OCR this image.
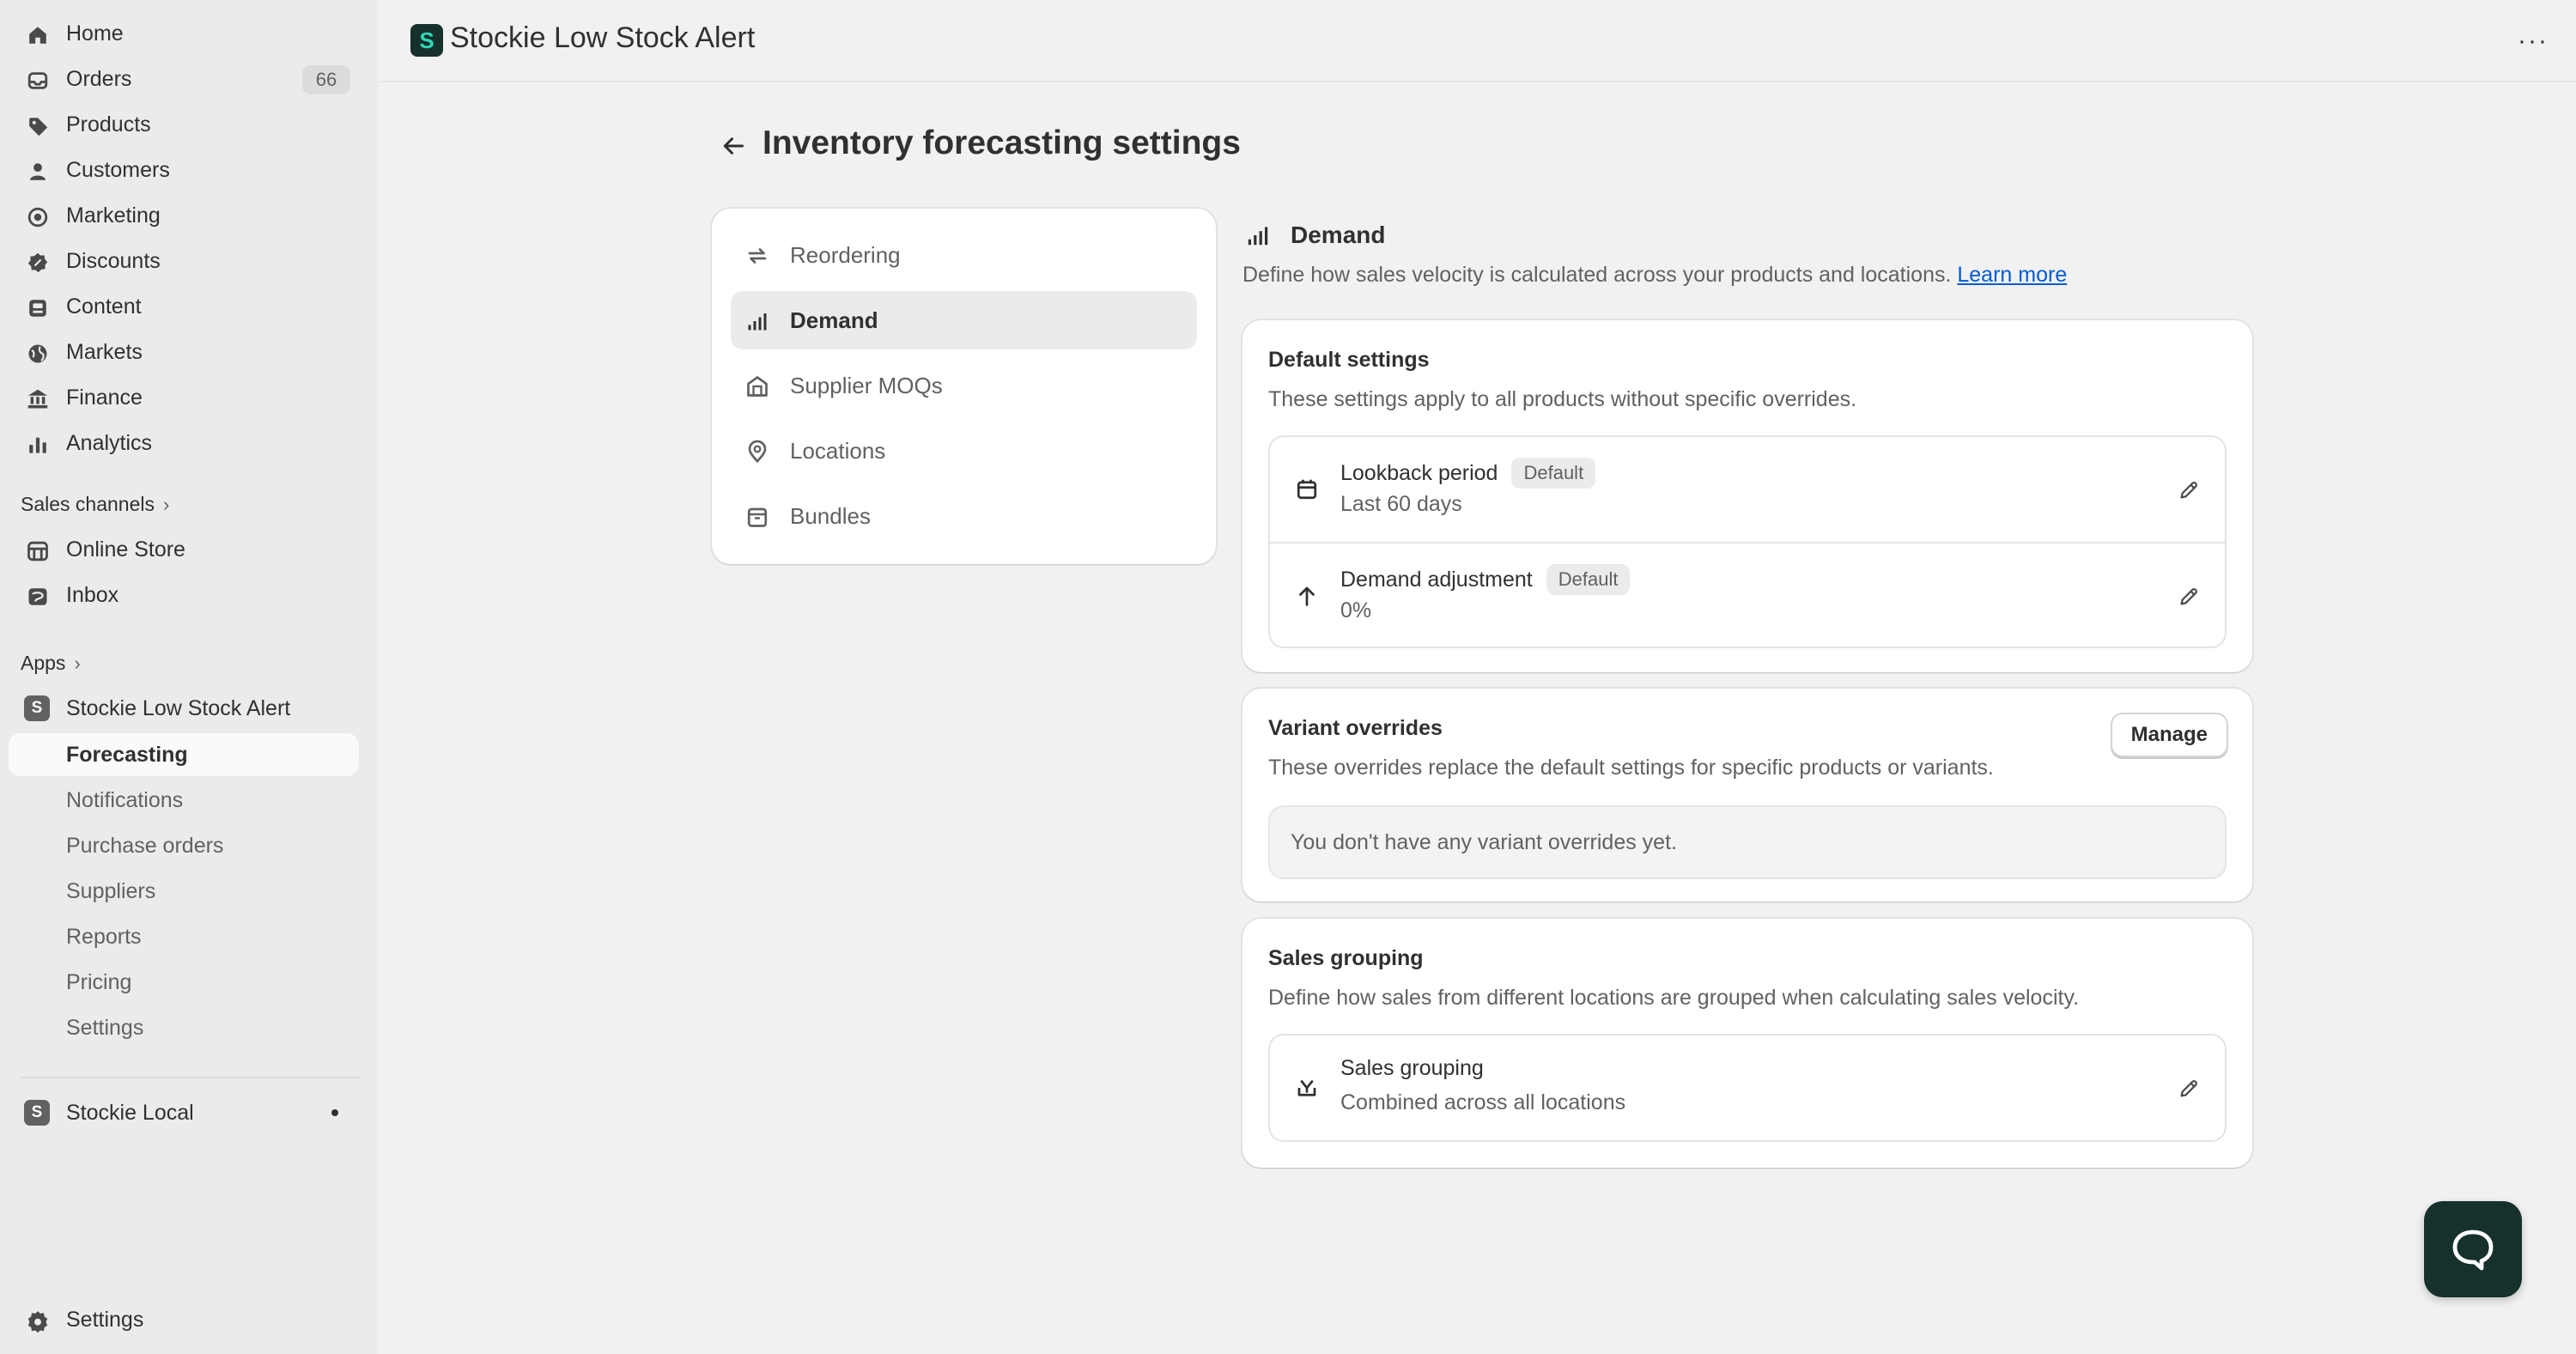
Home
Orders	66
Products
Customers
Marketing
Discounts
Content
Markets
Finance
Analytics
Sales channels ›
Online Store
Inbox
Apps ›
S	Stockie Low Stock Alert
Forecasting
Notifications
Purchase orders
Suppliers
Reports
Pricing
Settings
S	Stockie Local
Settings
S Stockie Low Stock Alert	···
Inventory forecasting settings
Reordering
Demand
Supplier MOQs
Locations
Bundles
Demand

Define how sales velocity is calculated across your products and locations. Learn more

Default settings
These settings apply to all products without specific overrides.
Lookback period	Default
Last 60 days
Demand adjustment	Default
0%
Variant overrides
These overrides replace the default settings for specific products or variants.
Manage
You don't have any variant overrides yet.
Sales grouping
Define how sales from different locations are grouped when calculating sales velocity.
Sales grouping
Combined across all locations
